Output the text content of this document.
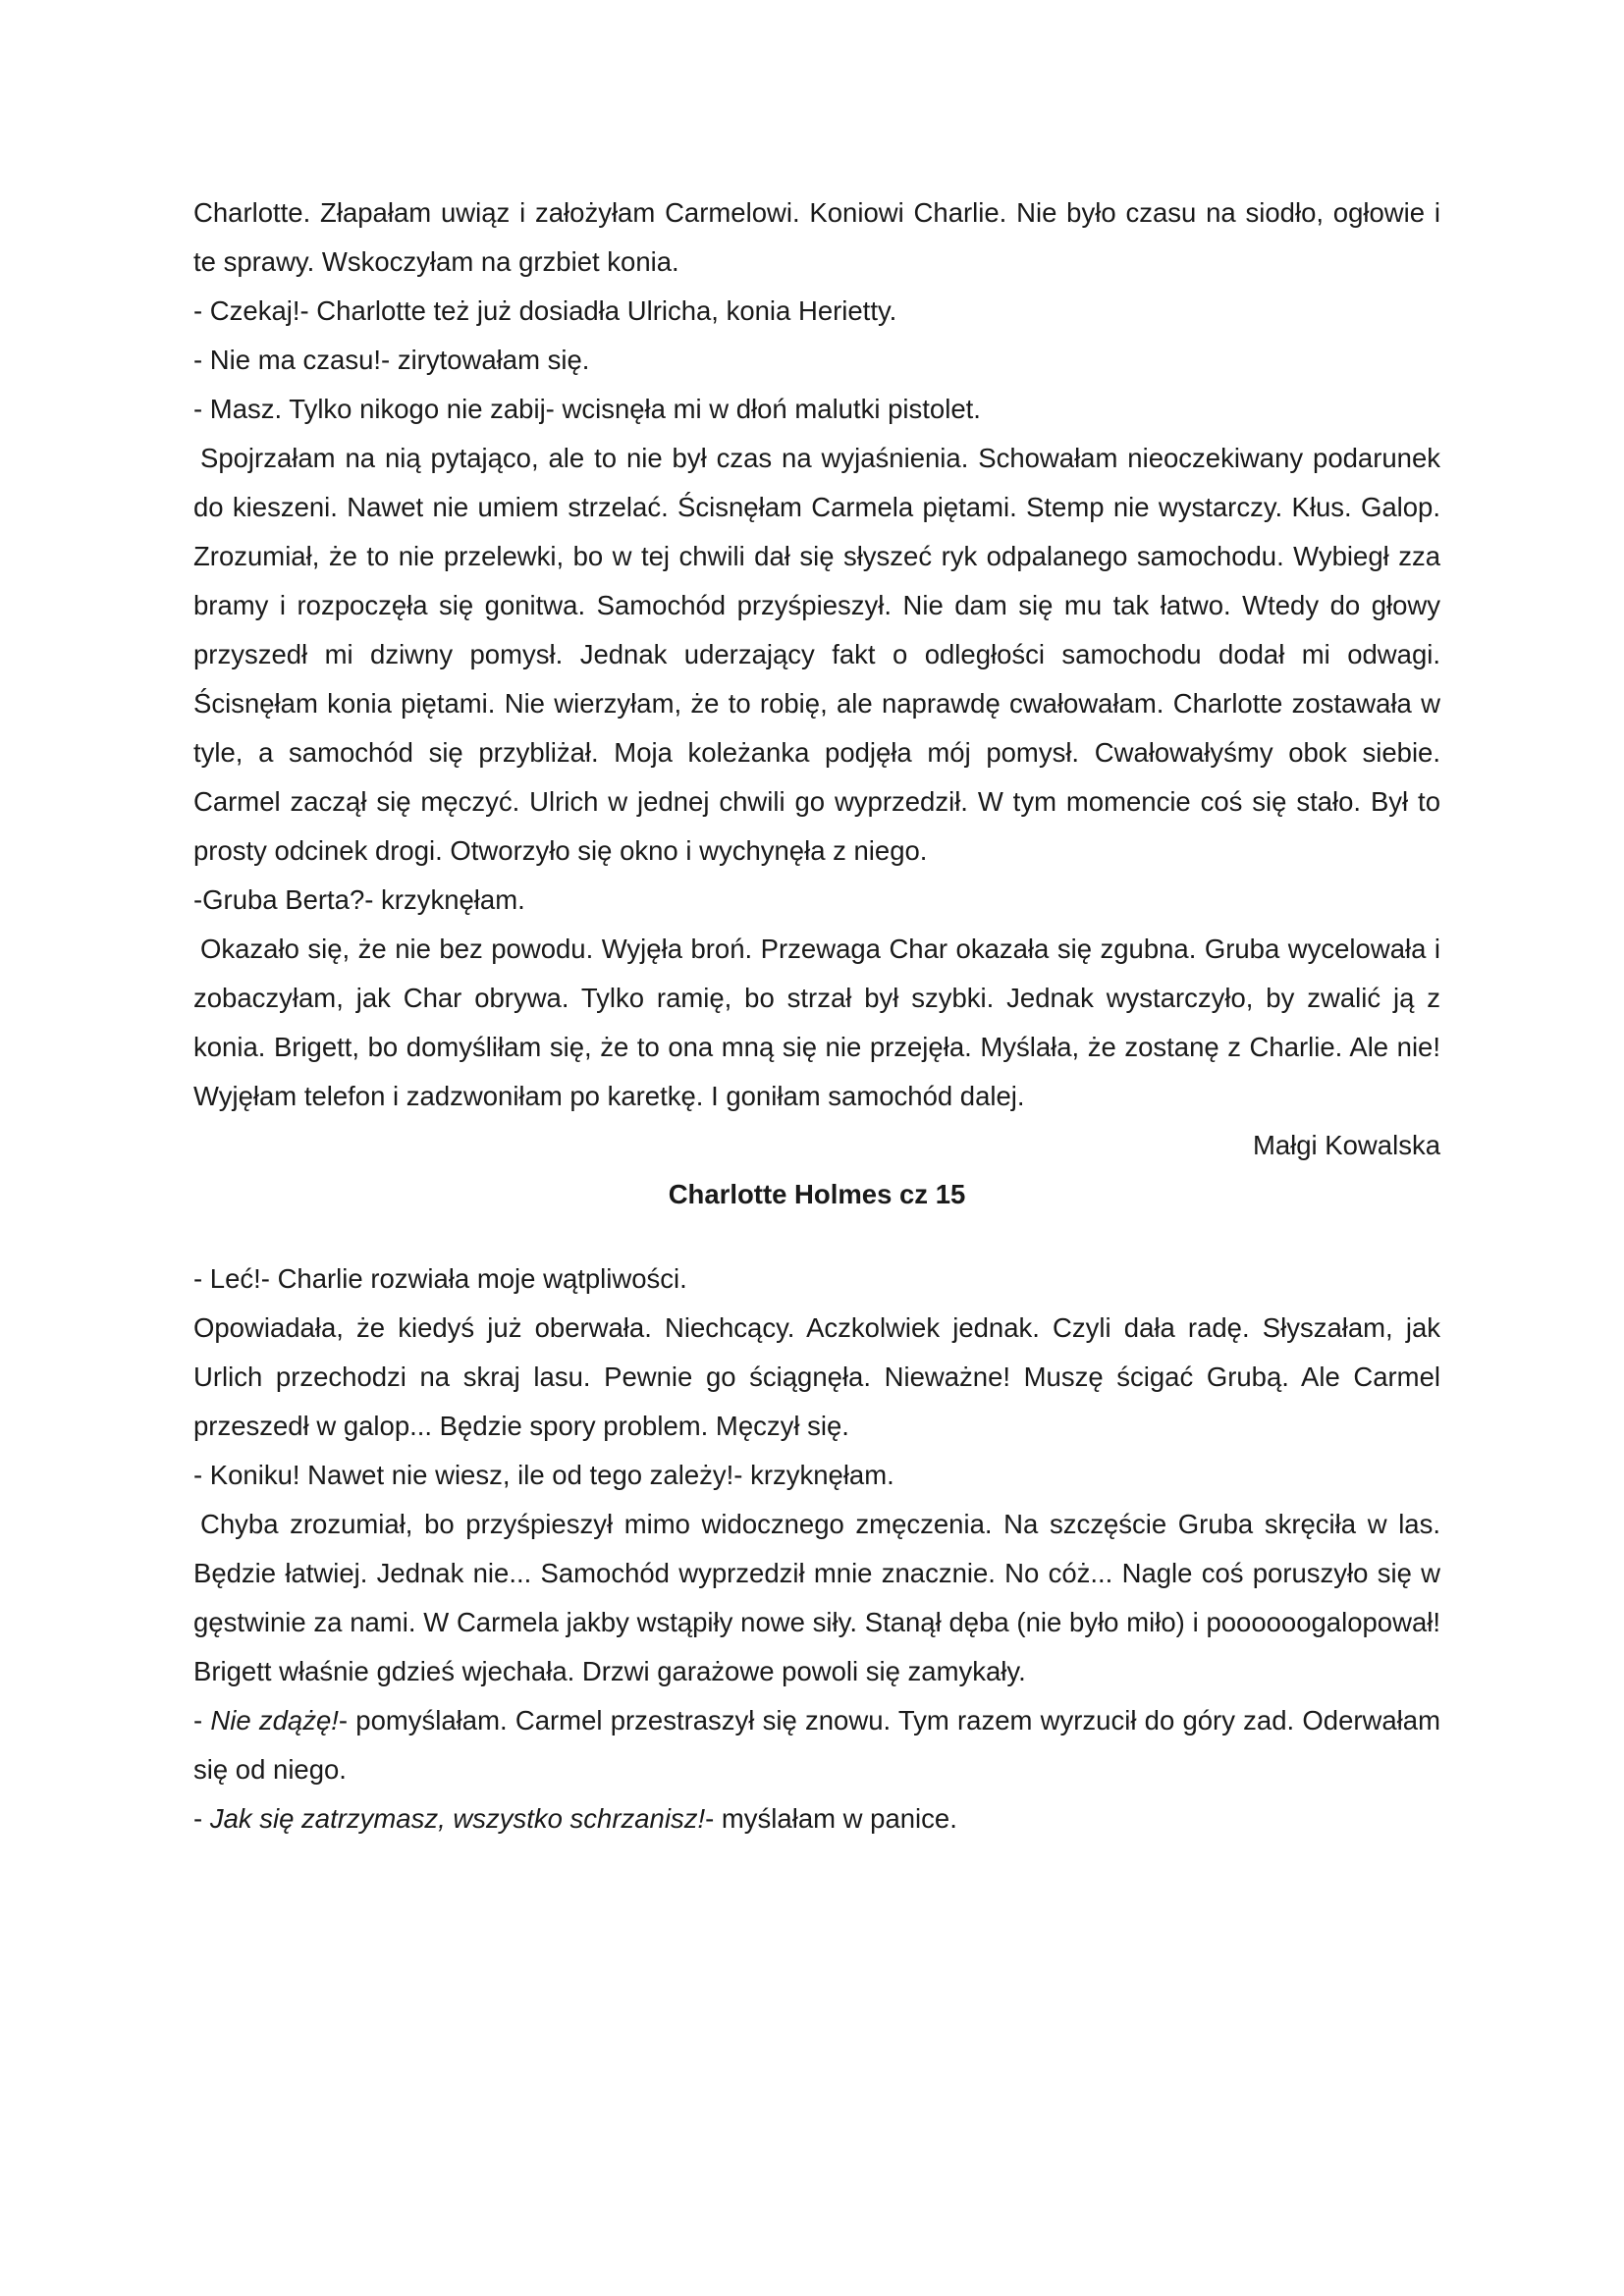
Charlotte. Złapałam uwiąz i założyłam Carmelowi. Koniowi Charlie. Nie było czasu na siodło, ogłowie i te sprawy. Wskoczyłam na grzbiet konia.

- Czekaj!- Charlotte też już dosiadła Ulricha, konia Herietty.

- Nie ma czasu!- zirytowałam się.

- Masz. Tylko nikogo nie zabij- wcisnęła mi w dłoń malutki pistolet.

Spojrzałam na nią pytająco, ale to nie był czas na wyjaśnienia. Schowałam nieoczekiwany podarunek do kieszeni. Nawet nie umiem strzelać. Ścisnęłam Carmela piętami. Stemp nie wystarczy. Kłus. Galop. Zrozumiał, że to nie przelewki, bo w tej chwili dał się słyszeć ryk odpalanego samochodu. Wybiegł zza bramy i rozpoczęła się gonitwa. Samochód przyśpieszył. Nie dam się mu tak łatwo. Wtedy do głowy przyszedł mi dziwny pomysł. Jednak uderzający fakt o odległości samochodu dodał mi odwagi. Ścisnęłam konia piętami. Nie wierzyłam, że to robię, ale naprawdę cwałowałam. Charlotte zostawała w tyle, a samochód się przybliżał. Moja koleżanka podjęła mój pomysł. Cwałowałyśmy obok siebie. Carmel zaczął się męczyć. Ulrich w jednej chwili go wyprzedził. W tym momencie coś się stało. Był to prosty odcinek drogi. Otworzyło się okno i wychynęła z niego.

-Gruba Berta?- krzyknęłam.

Okazało się, że nie bez powodu. Wyjęła broń. Przewaga Char okazała się zgubna. Gruba wycelowała i zobaczyłam, jak Char obrywa. Tylko ramię, bo strzał był szybki. Jednak wystarczyło, by zwalić ją z konia. Brigett, bo domyśliłam się, że to ona mną się nie przejęła. Myślała, że zostanę z Charlie. Ale nie! Wyjęłam telefon i zadzwoniłam po karetkę. I goniłam samochód dalej.

Małgi Kowalska

Charlotte Holmes cz 15

- Leć!- Charlie rozwiała moje wątpliwości.

Opowiadała, że kiedyś już oberwała. Niechcący. Aczkolwiek jednak. Czyli dała radę. Słyszałam, jak Urlich przechodzi na skraj lasu. Pewnie go ściągnęła. Nieważne! Muszę ścigać Grubą. Ale Carmel przeszedł w galop... Będzie spory problem. Męczył się.

- Koniku! Nawet nie wiesz, ile od tego zależy!- krzyknęłam.

Chyba zrozumiał, bo przyśpieszył mimo widocznego zmęczenia. Na szczęście Gruba skręciła w las. Będzie łatwiej. Jednak nie... Samochód wyprzedził mnie znacznie. No cóż... Nagle coś poruszyło się w gęstwinie za nami. W Carmela jakby wstąpiły nowe siły. Stanął dęba (nie było miło) i poooooogalopował! Brigett właśnie gdzieś wjechała. Drzwi garażowe powoli się zamykały.

- Nie zdążę!- pomyślałam. Carmel przestraszył się znowu. Tym razem wyrzucił do góry zad. Oderwałam się od niego.

- Jak się zatrzymasz, wszystko schrzanisz!- myślałam w panice.
